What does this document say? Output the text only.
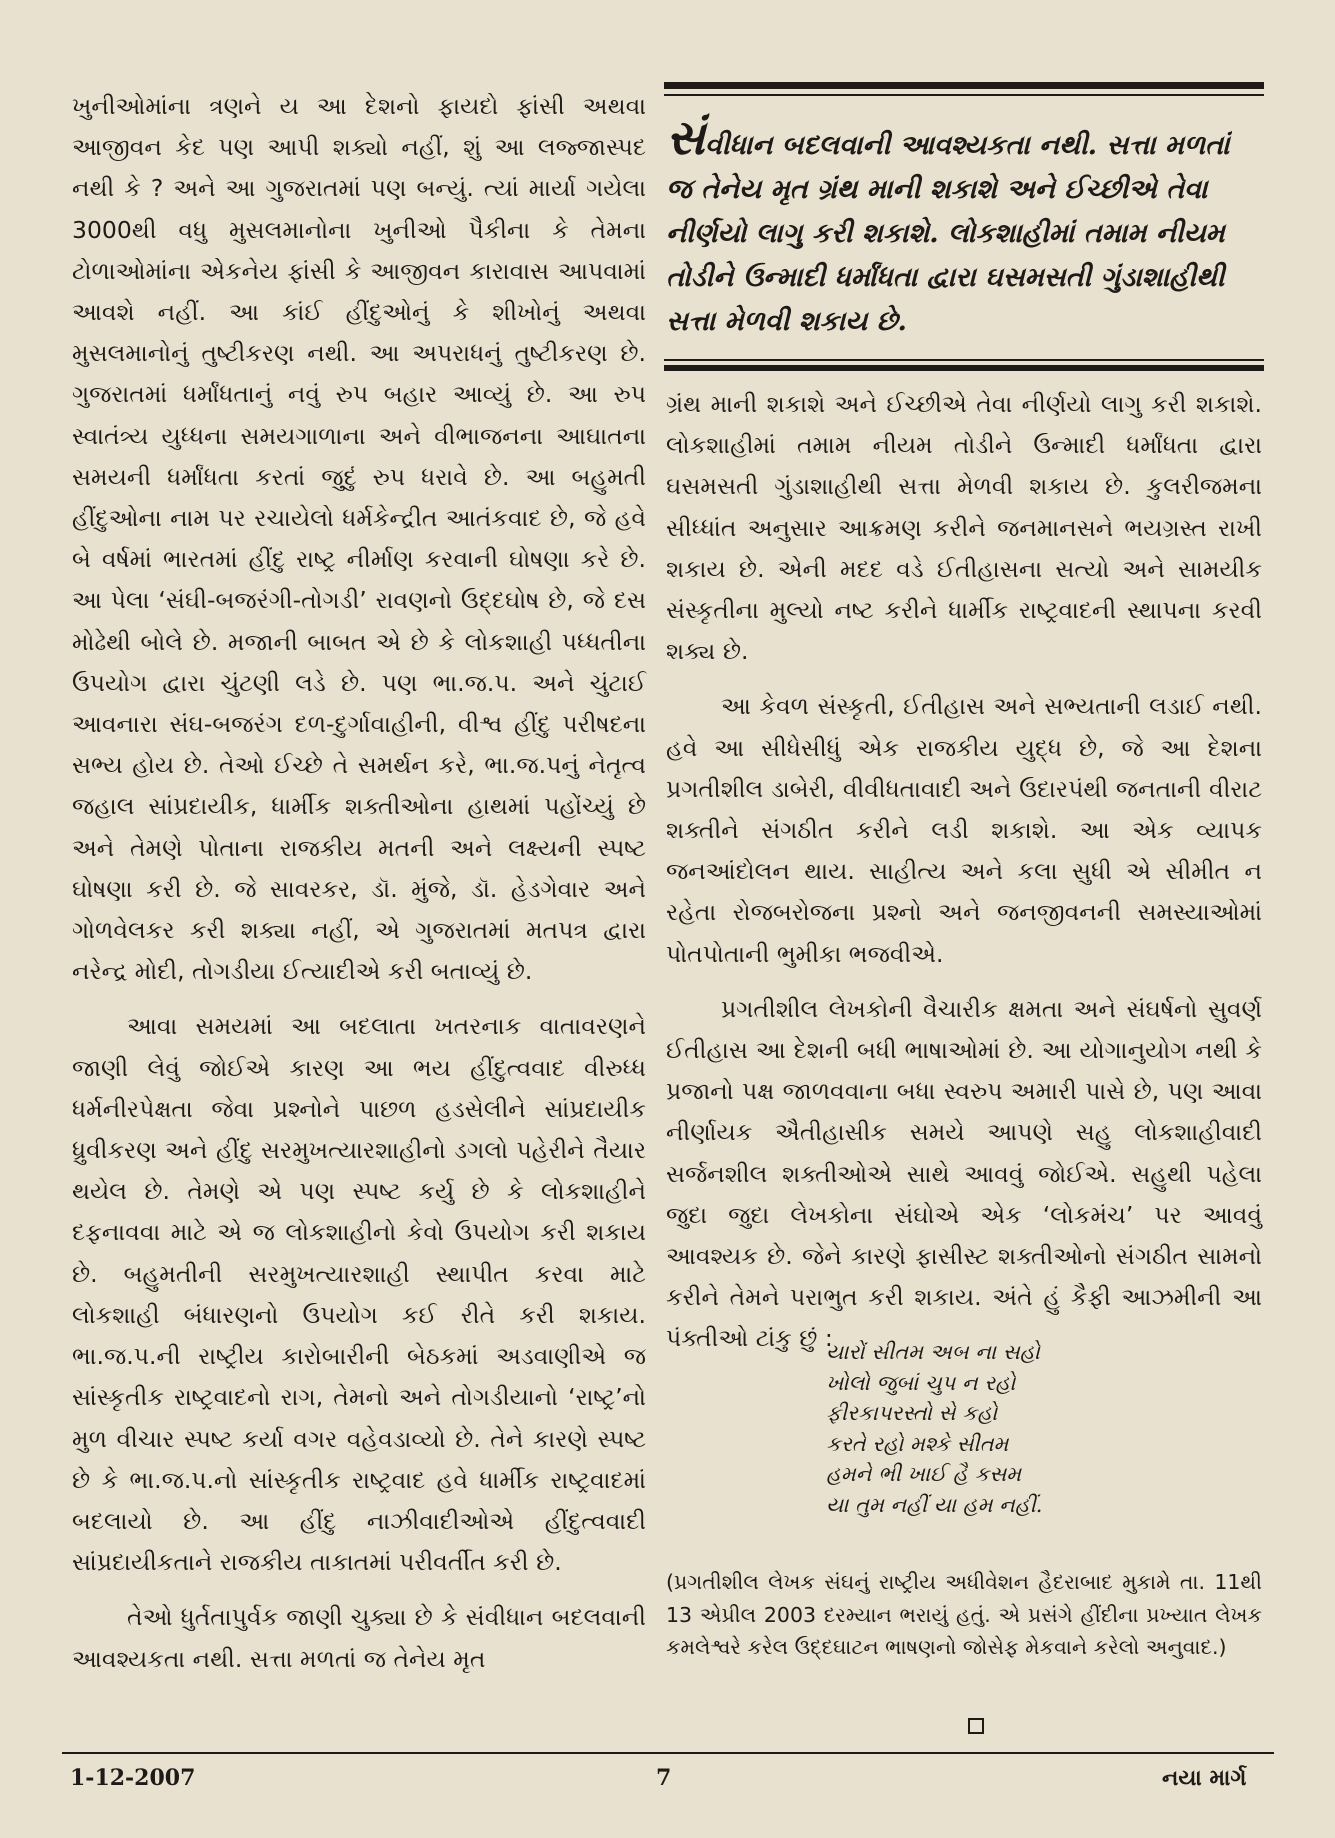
ખુનીઓમાંના ત્રણને ય આ દેશનો ફાયદો ફાંસી અથવા આજીવન કેદ પણ આપી શક્યો નહીં, શું આ લજ્જાસ્પદ નથી કે ? અને આ ગુજરાતમાં પણ બન્યું. ત્યાં માર્યા ગયેલા 3000થી વધુ મુસલમાનોના ખુનીઓ પૈકીના કે તેમના ટોળાઓમાંના એકનેય ફાંસી કે આજીવન કારાવાસ આપવામાં આવશે નહીં. આ કાંઈ હીંદુઓનું કે શીખોનું અથવા મુસલમાનોનું તુષ્ટીકરણ નથી. આ અપરાધનું તુષ્ટીકરણ છે. ગુજરાતમાં ધર્માંધતાનું નવું રુપ બહાર આવ્યું છે. આ રુપ સ્વાતંત્ર્ય યુધ્ધના સમયગાળાના અને વીભાજનના આઘાતના સમયની ધર્માંધતા કરતાં જુદું રુપ ધરાવે છે. આ બહુમતી હીંદુઓના નામ પર રચાયેલો ધર્મકેન્દ્રીત આતંકવાદ છે, જે હવે બે વર્ષમાં ભારતમાં હીંદુ રાષ્ટ્ર નીર્માણ કરવાની ઘોષણા કરે છે. આ પેલા ‘સંઘી-બજરંગી-તોગડી’ રાવણનો ઉદ્દઘોષ છે, જે દસ મોઢેથી બોલે છે. મજાની બાબત એ છે કે લોકશાહી પધ્ધતીના ઉપયોગ દ્વારા ચુંટણી લડે છે. પણ ભા.જ.પ. અને ચુંટાઈ આવનારા સંઘ-બજરંગ દળ-દુર્ગાવાહીની, વીશ્વ હીંદુ પરીષદના સભ્ય હોય છે. તેઓ ઈચ્છે તે સમર્થન કરે, ભા.જ.પનું નેતૃત્વ જહાલ સાંપ્રદાયીક, ધાર્મીક શક્તીઓના હાથમાં પહોંચ્યું છે અને તેમણે પોતાના રાજકીય મતની અને લક્ષ્યની સ્પષ્ટ ઘોષણા કરી છે. જે સાવરકર, ડૉ. મુંજે, ડૉ. હેડગેવાર અને ગોળવેલકર કરી શક્યા નહીં, એ ગુજરાતમાં મતપત્ર દ્વારા નરેન્દ્ર મોદી, તોગડીયા ઈત્યાદીએ કરી બતાવ્યું છે.

આવા સમયમાં આ બદલાતા ખતરનાક વાતાવરણને જાણી લેવું જોઈએ કારણ આ ભય હીંદુત્વવાદ વીરુધ્ધ ધર્મનીરપેક્ષતા જેવા પ્રશ્નોને પાછળ હડસેલીને સાંપ્રદાયીક ધ્રુવીકરણ અને હીંદુ સરમુખત્યારશાહીનો ડગલો પહેરીને તૈયાર થયેલ છે. તેમણે એ પણ સ્પષ્ટ કર્યુ છે કે લોકશાહીને દફનાવવા માટે એ જ લોકશાહીનો કેવો ઉપયોગ કરી શકાય છે. બહુમતીની સરમુખત્યારશાહી સ્થાપીત કરવા માટે લોકશાહી બંધારણનો ઉપયોગ કઈ રીતે કરી શકાય. ભા.જ.પ.ની રાષ્ટ્રીય કારોબારીની બેઠકમાં અડવાણીએ જ સાંસ્કૃતીક રાષ્ટ્રવાદનો રાગ, તેમનો અને તોગડીયાનો ‘રાષ્ટ્ર’નો મુળ વીચાર સ્પષ્ટ કર્યા વગર વહેવડાવ્યો છે. તેને કારણે સ્પષ્ટ છે કે ભા.જ.પ.નો સાંસ્કૃતીક રાષ્ટ્રવાદ હવે ધાર્મીક રાષ્ટ્રવાદમાં બદલાયો છે. આ હીંદુ નાઝીવાદીઓએ હીંદુત્વવાદી સાંપ્રદાયીકતાને રાજકીય તાકાતમાં પરીવર્તીત કરી છે.

તેઓ ધુર્તતાપુર્વક જાણી ચુક્યા છે કે સંવીધાન બદલવાની આવશ્યકતા નથી. સત્તા મળતાં જ તેનેય મૃત

સંવીધાન બદલવાની આવશ્યકતા નથી. સત્તા મળતાં જ તેનેય મૃત ગ્રંથ માની શકાશે અને ઈચ્છીએ તેવા નીર્ણયો લાગુ કરી શકાશે. લોકશાહીમાં તમામ નીયમ તોડીને ઉન્માદી ધર્માંધતા દ્વારા ઘસમસતી ગુંડાશાહીથી સત્તા મેળવી શકાય છે.

ગ્રંથ માની શકાશે અને ઈચ્છીએ તેવા નીર્ણયો લાગુ કરી શકાશે. લોકશાહીમાં તમામ નીયમ તોડીને ઉન્માદી ધર્માંધતા દ્વારા ઘસમસતી ગુંડાશાહીથી સત્તા મેળવી શકાય છે. કુલરીજમના સીધ્ધાંત અનુસાર આક્રમણ કરીને જનમાનસને ભયગ્રસ્ત રાખી શકાય છે. એની મદદ વડે ઈતીહાસના સત્યો અને સામયીક સંસ્કૃતીના મુલ્યો નષ્ટ કરીને ધાર્મીક રાષ્ટ્રવાદની સ્થાપના કરવી શક્ય છે.

આ કેવળ સંસ્કૃતી, ઈતીહાસ અને સભ્યતાની લડાઈ નથી. હવે આ સીધેસીધું એક રાજકીય યુદ્ધ છે, જે આ દેશના પ્રગતીશીલ ડાબેરી, વીવીધતાવાદી અને ઉદારપંથી જનતાની વીરાટ શક્તીને સંગઠીત કરીને લડી શકાશે. આ એક વ્યાપક જનઆંદોલન થાય. સાહીત્ય અને કલા સુધી એ સીમીત ન રહેતા રોજબરોજના પ્રશ્નો અને જનજીવનની સમસ્યાઓમાં પોતપોતાની ભુમીકા ભજવીએ.

પ્રગતીશીલ લેખકોની વૈચારીક ક્ષમતા અને સંઘર્ષનો સુવર્ણ ઈતીહાસ આ દેશની બધી ભાષાઓમાં છે. આ યોગાનુયોગ નથી કે પ્રજાનો પક્ષ જાળવવાના બધા સ્વરુપ અમારી પાસે છે, પણ આવા નીર્ણાયક ઐતીહાસીક સમયે આપણે સહુ લોકશાહીવાદી સર્જનશીલ શક્તીઓએ સાથે આવવું જોઈએ. સહુથી પહેલા જુદા જુદા લેખકોના સંઘોએ એક ‘લોકમંચ’ પર આવવું આવશ્યક છે. જેને કારણે ફાસીસ્ટ શક્તીઓનો સંગઠીત સામનો કરીને તેમને પરાભુત કરી શકાય. અંતે હું કૈફી આઝમીની આ પંક્તીઓ ટાંકુ છું :

યારોં સીતમ અબ ના સહો
ખોલો જુબાં ચુપ ન રહો
ફીરકાપરસ્તો સે કહો
કરતે રહો મશ્કે સીતમ
હમને ભી ખાઈ હૈ કસમ
યા તુમ નહીં યા હમ નહીં.
(પ્રગતીશીલ લેખક સંઘનું રાષ્ટ્રીય અધીવેશન હૈદરાબાદ મુકામે તા. 11થી 13 એપ્રીલ 2003 દરમ્યાન ભરાયું હતું. એ પ્રસંગે હીંદીના પ્રખ્યાત લેખક કમલેશ્વરે કરેલ ઉદ્દઘાટન ભાષણનો જોસેફ મેકવાને કરેલો અનુવાદ.)
1-12-2007	7	નયા માર્ગ
